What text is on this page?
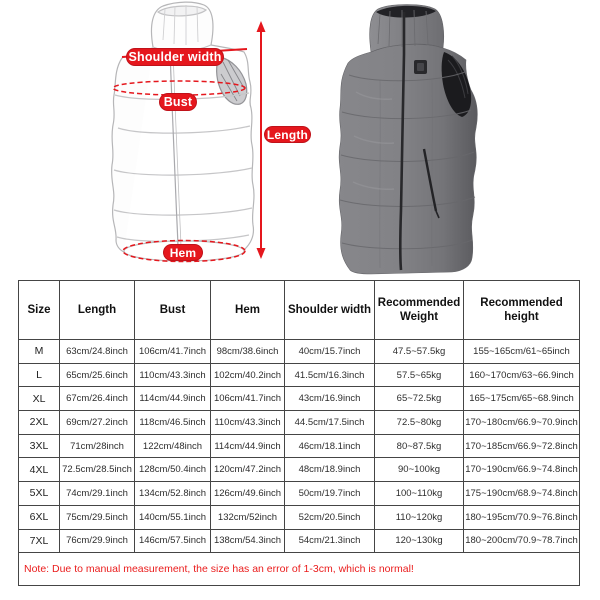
Shoulder width
Bust
Hem
Length
Size	Length	Bust	Hem	Shoulder width	Recommended Weight	Recommended height
M	63cm/24.8inch	106cm/41.7inch	98cm/38.6inch	40cm/15.7inch	47.5~57.5kg	155~165cm/61~65inch
L	65cm/25.6inch	110cm/43.3inch	102cm/40.2inch	41.5cm/16.3inch	57.5~65kg	160~170cm/63~66.9inch
XL	67cm/26.4inch	114cm/44.9inch	106cm/41.7inch	43cm/16.9inch	65~72.5kg	165~175cm/65~68.9inch
2XL	69cm/27.2inch	118cm/46.5inch	110cm/43.3inch	44.5cm/17.5inch	72.5~80kg	170~180cm/66.9~70.9inch
3XL	71cm/28inch	122cm/48inch	114cm/44.9inch	46cm/18.1inch	80~87.5kg	170~185cm/66.9~72.8inch
4XL	72.5cm/28.5inch	128cm/50.4inch	120cm/47.2inch	48cm/18.9inch	90~100kg	170~190cm/66.9~74.8inch
5XL	74cm/29.1inch	134cm/52.8inch	126cm/49.6inch	50cm/19.7inch	100~110kg	175~190cm/68.9~74.8inch
6XL	75cm/29.5inch	140cm/55.1inch	132cm/52inch	52cm/20.5inch	110~120kg	180~195cm/70.9~76.8inch
7XL	76cm/29.9inch	146cm/57.5inch	138cm/54.3inch	54cm/21.3inch	120~130kg	180~200cm/70.9~78.7inch
Note: Due to manual measurement, the size has an error of 1-3cm, which is normal!						
